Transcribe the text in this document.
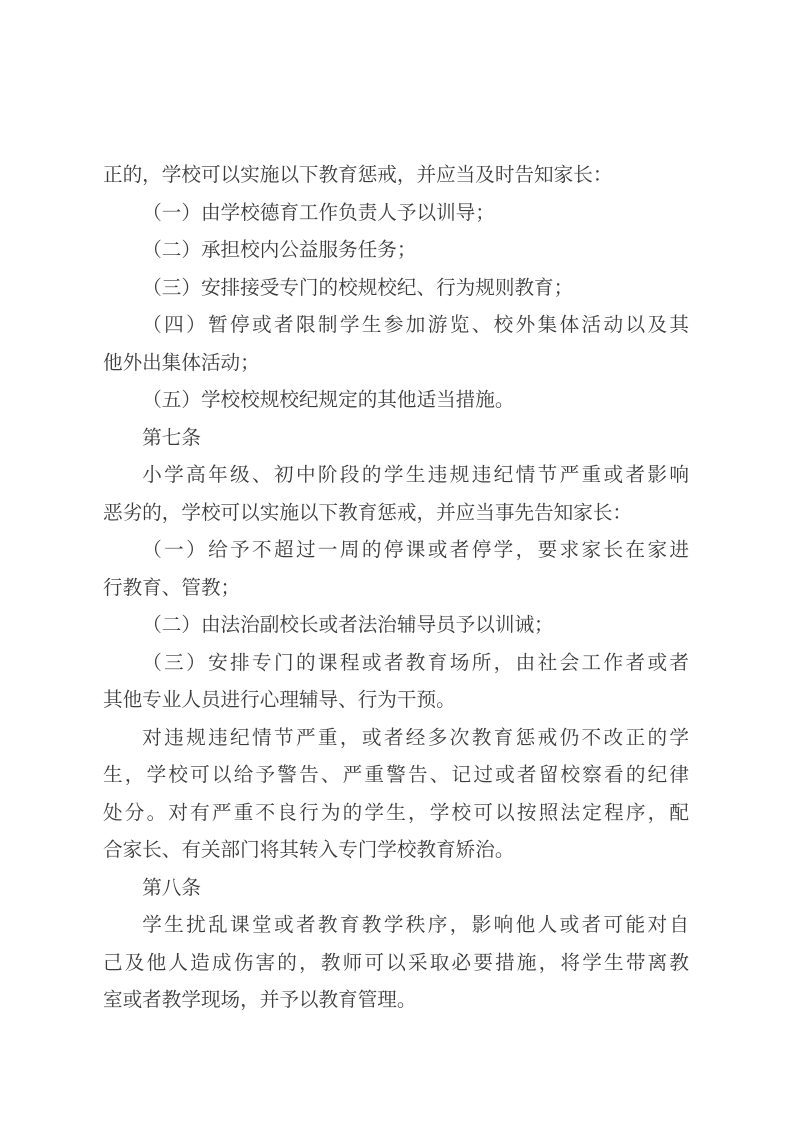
正的，学校可以实施以下教育惩戒，并应当及时告知家长：
（一）由学校德育工作负责人予以训导；
（二）承担校内公益服务任务；
（三）安排接受专门的校规校纪、行为规则教育；
（四）暂停或者限制学生参加游览、校外集体活动以及其
他外出集体活动；
（五）学校校规校纪规定的其他适当措施。
第七条
小学高年级、初中阶段的学生违规违纪情节严重或者影响
恶劣的，学校可以实施以下教育惩戒，并应当事先告知家长：
（一）给予不超过一周的停课或者停学，要求家长在家进
行教育、管教；
（二）由法治副校长或者法治辅导员予以训诫；
（三）安排专门的课程或者教育场所，由社会工作者或者
其他专业人员进行心理辅导、行为干预。
对违规违纪情节严重，或者经多次教育惩戒仍不改正的学
生，学校可以给予警告、严重警告、记过或者留校察看的纪律
处分。对有严重不良行为的学生，学校可以按照法定程序，配
合家长、有关部门将其转入专门学校教育矫治。
第八条
学生扰乱课堂或者教育教学秩序，影响他人或者可能对自
己及他人造成伤害的，教师可以采取必要措施，将学生带离教
室或者教学现场，并予以教育管理。
